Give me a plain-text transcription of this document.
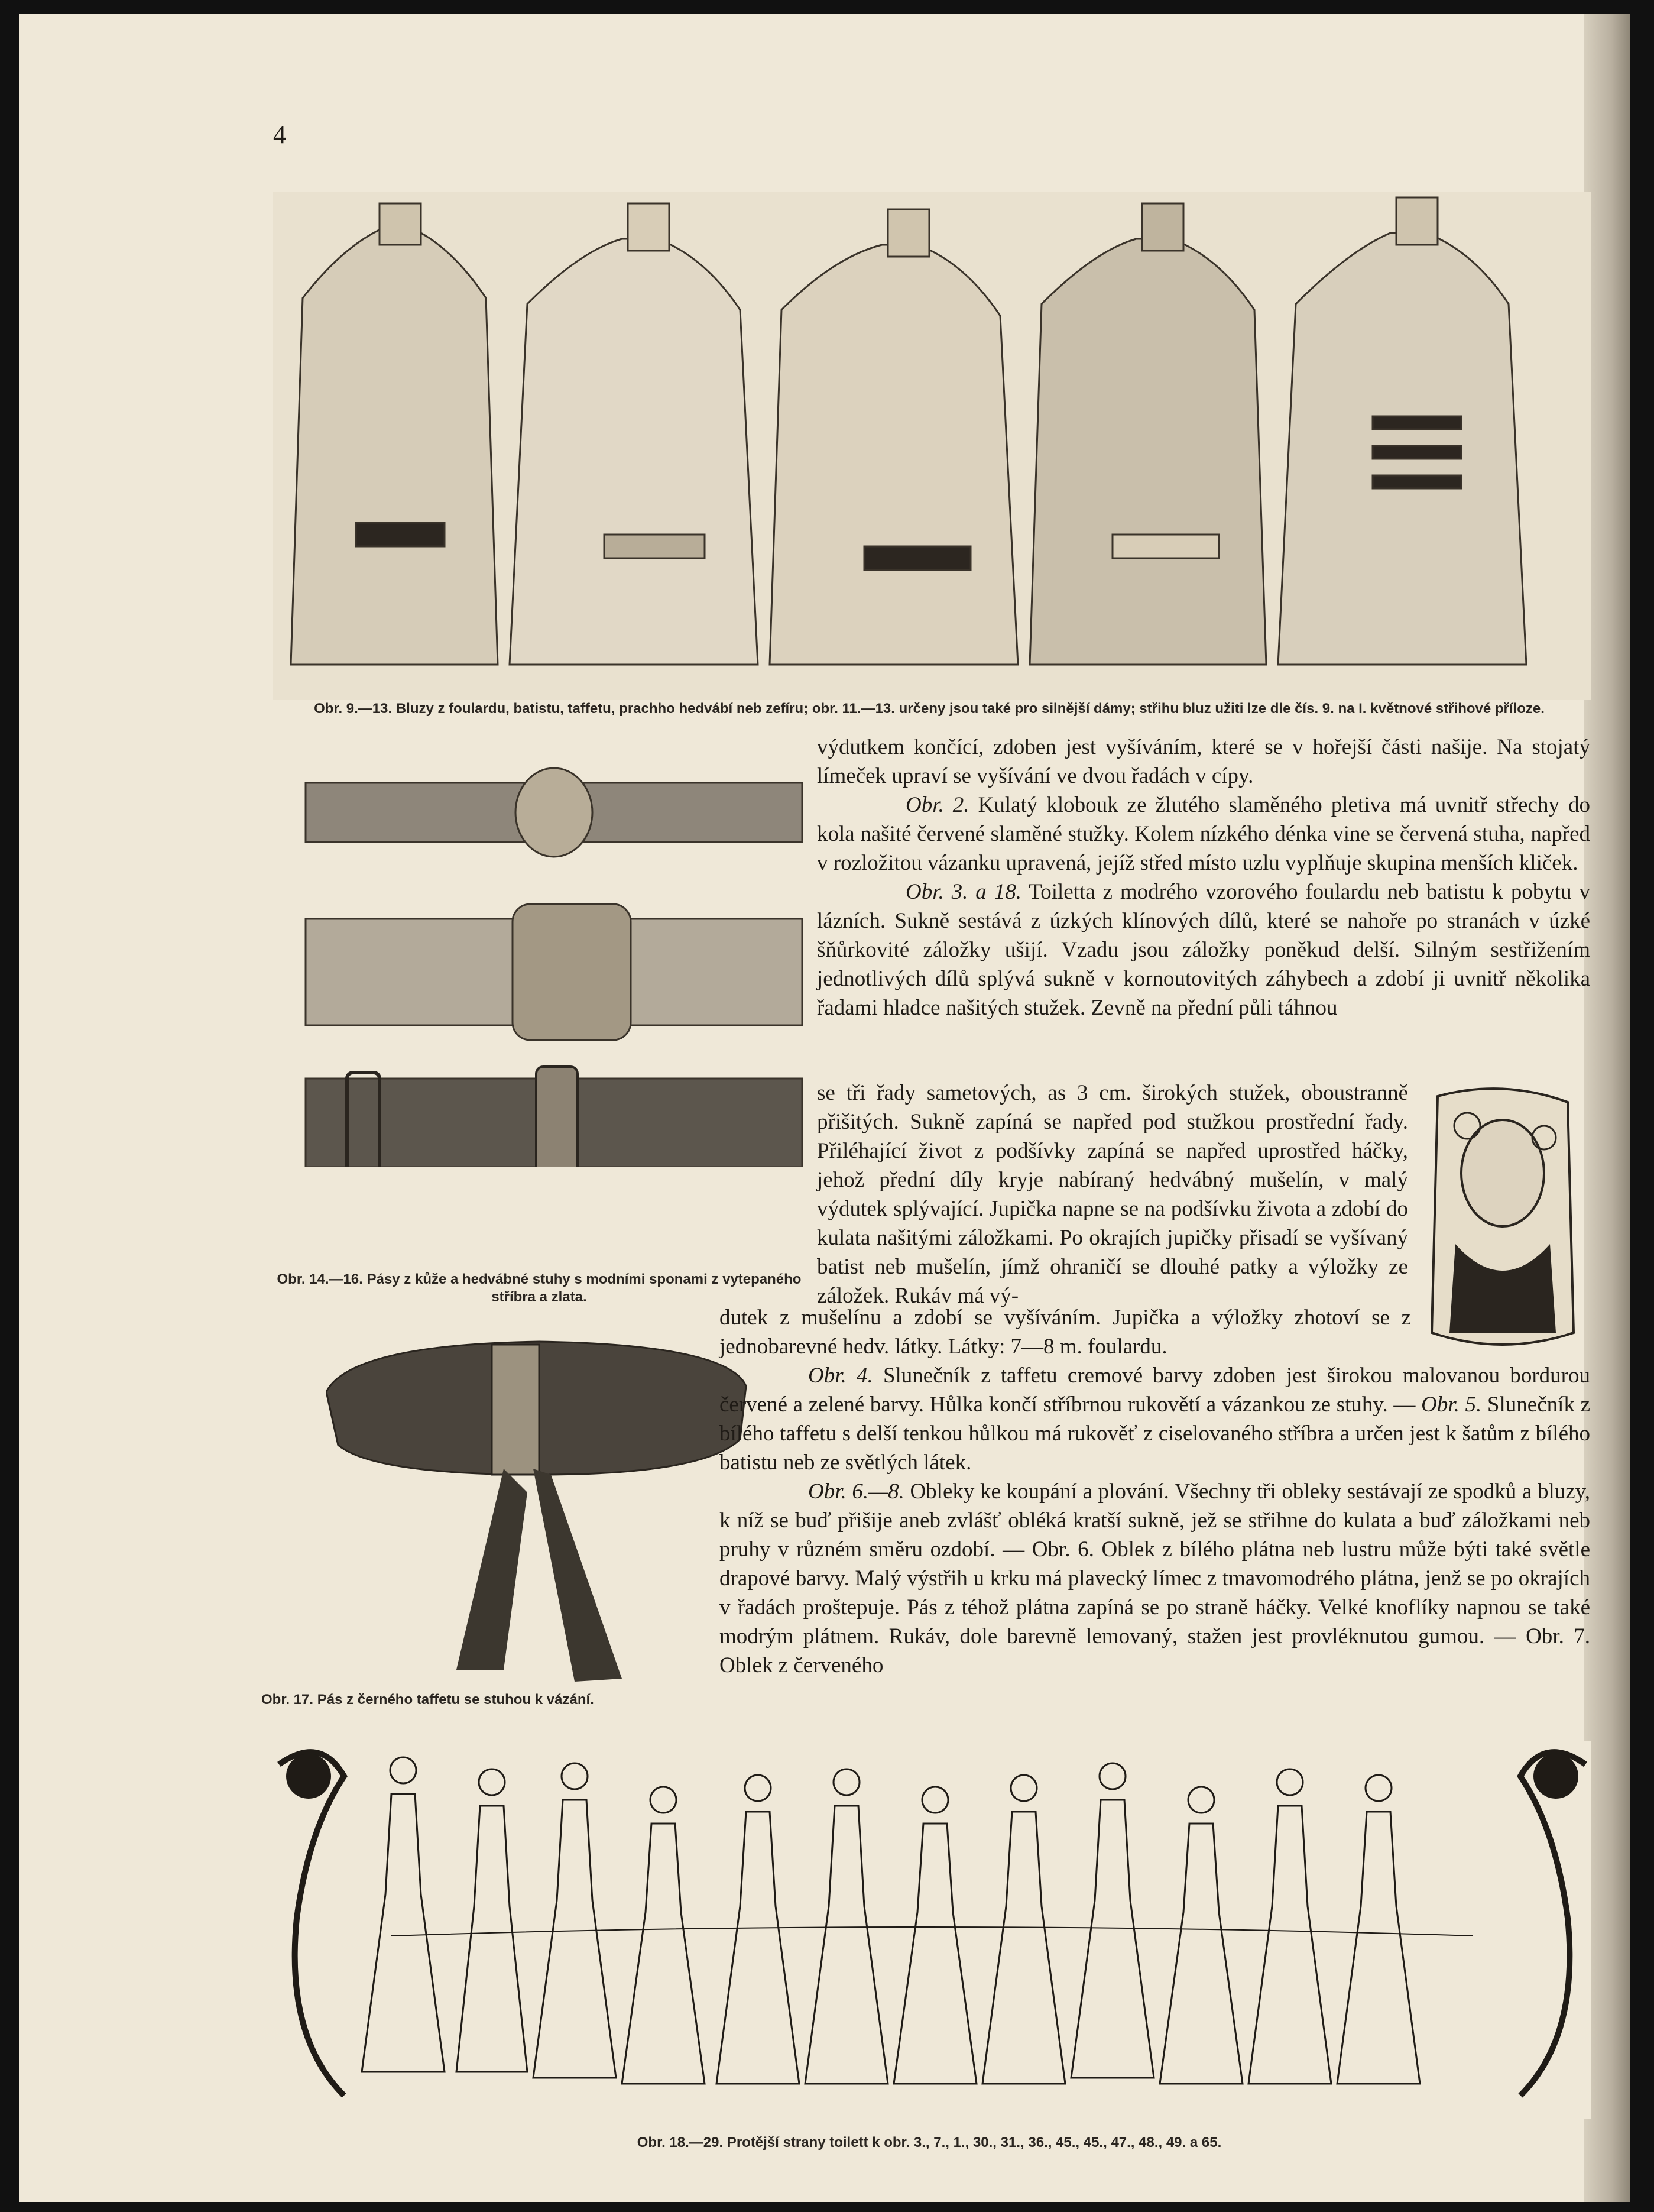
4
Obr. 9.—13. Bluzy z foulardu, batistu, taffetu, prachho hedvábí neb zefíru; obr. 11.—13. určeny jsou také pro silnější dámy; střihu bluz užiti lze dle čís. 9. na I. květnové střihové příloze.
Obr. 14.—16. Pásy z kůže a hedvábné stuhy s modními sponami z vytepaného stříbra a zlata.
Obr. 17. Pás z černého taffetu se stuhou k vázání.

výdutkem končící, zdoben jest vyšíváním, které se v hořejší části našije. Na stojatý límeček upraví se vyšívání ve dvou řadách v cípy.

Obr. 2. Kulatý klobouk ze žlutého slaměného pletiva má uvnitř střechy do kola našité červené slaměné stužky. Kolem nízkého dénka vine se červená stuha, napřed v rozložitou vázanku upravená, jejíž střed místo uzlu vyplňuje skupina menších kliček.

Obr. 3. a 18. Toiletta z modrého vzorového foulardu neb batistu k pobytu v lázních. Sukně sestává z úzkých klínových dílů, které se nahoře po stranách v úzké šňůrkovité záložky ušijí. Vzadu jsou záložky poněkud delší. Silným sestřižením jednotlivých dílů splývá sukně v kornoutovitých záhybech a zdobí ji uvnitř několika řadami hladce našitých stužek. Zevně na přední půli táhnou

se tři řady sametových, as 3 cm. širokých stužek, oboustranně přišitých. Sukně zapíná se napřed pod stužkou prostřední řady. Přiléhající život z podšívky zapíná se napřed uprostřed háčky, jehož přední díly kryje nabíraný hedvábný mušelín, v malý výdutek splývající. Jupička napne se na podšívku života a zdobí do kulata našitými záložkami. Po okrajích jupičky přisadí se vyšívaný batist neb mušelín, jímž ohraničí se dlouhé patky a výložky ze záložek. Rukáv má vý-

dutek z mušelínu a zdobí se vyšíváním. Jupička a výložky zhotoví se z jednobarevné hedv. látky. Látky: 7—8 m. foulardu.

Obr. 4. Slunečník z taffetu cremové barvy zdoben jest širokou malovanou bordurou červené a zelené barvy. Hůlka končí stříbrnou rukovětí a vázankou ze stuhy. — Obr. 5. Slunečník z bílého taffetu s delší tenkou hůlkou má rukověť z ciselovaného stříbra a určen jest k šatům z bílého batistu neb ze světlých látek.

Obr. 6.—8. Obleky ke koupání a plování. Všechny tři obleky sestávají ze spodků a bluzy, k níž se buď přišije aneb zvlášť obléká kratší sukně, jež se střihne do kulata a buď záložkami neb pruhy v různém směru ozdobí. — Obr. 6. Oblek z bílého plátna neb lustru může býti také světle drapové barvy. Malý výstřih u krku má plavecký límec z tmavomodrého plátna, jenž se po okrajích v řadách proštepuje. Pás z téhož plátna zapíná se po straně háčky. Velké knoflíky napnou se také modrým plátnem. Rukáv, dole barevně lemovaný, stažen jest provléknutou gumou. — Obr. 7. Oblek z červeného

Obr. 18.—29. Protější strany toilett k obr. 3., 7., 1., 30., 31., 36., 45., 45., 47., 48., 49. a 65.
